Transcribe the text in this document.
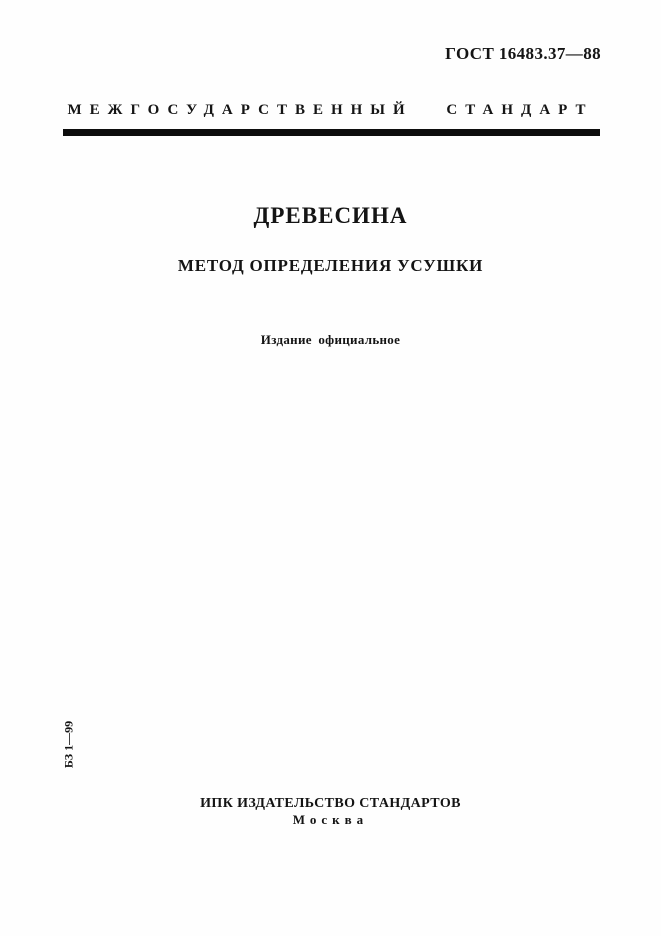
ГОСТ 16483.37—88
МЕЖГОСУДАРСТВЕННЫЙ СТАНДАРТ
ДРЕВЕСИНА
МЕТОД ОПРЕДЕЛЕНИЯ УСУШКИ
Издание официальное
БЗ 1—99
ИПК ИЗДАТЕЛЬСТВО СТАНДАРТОВ
Москва
